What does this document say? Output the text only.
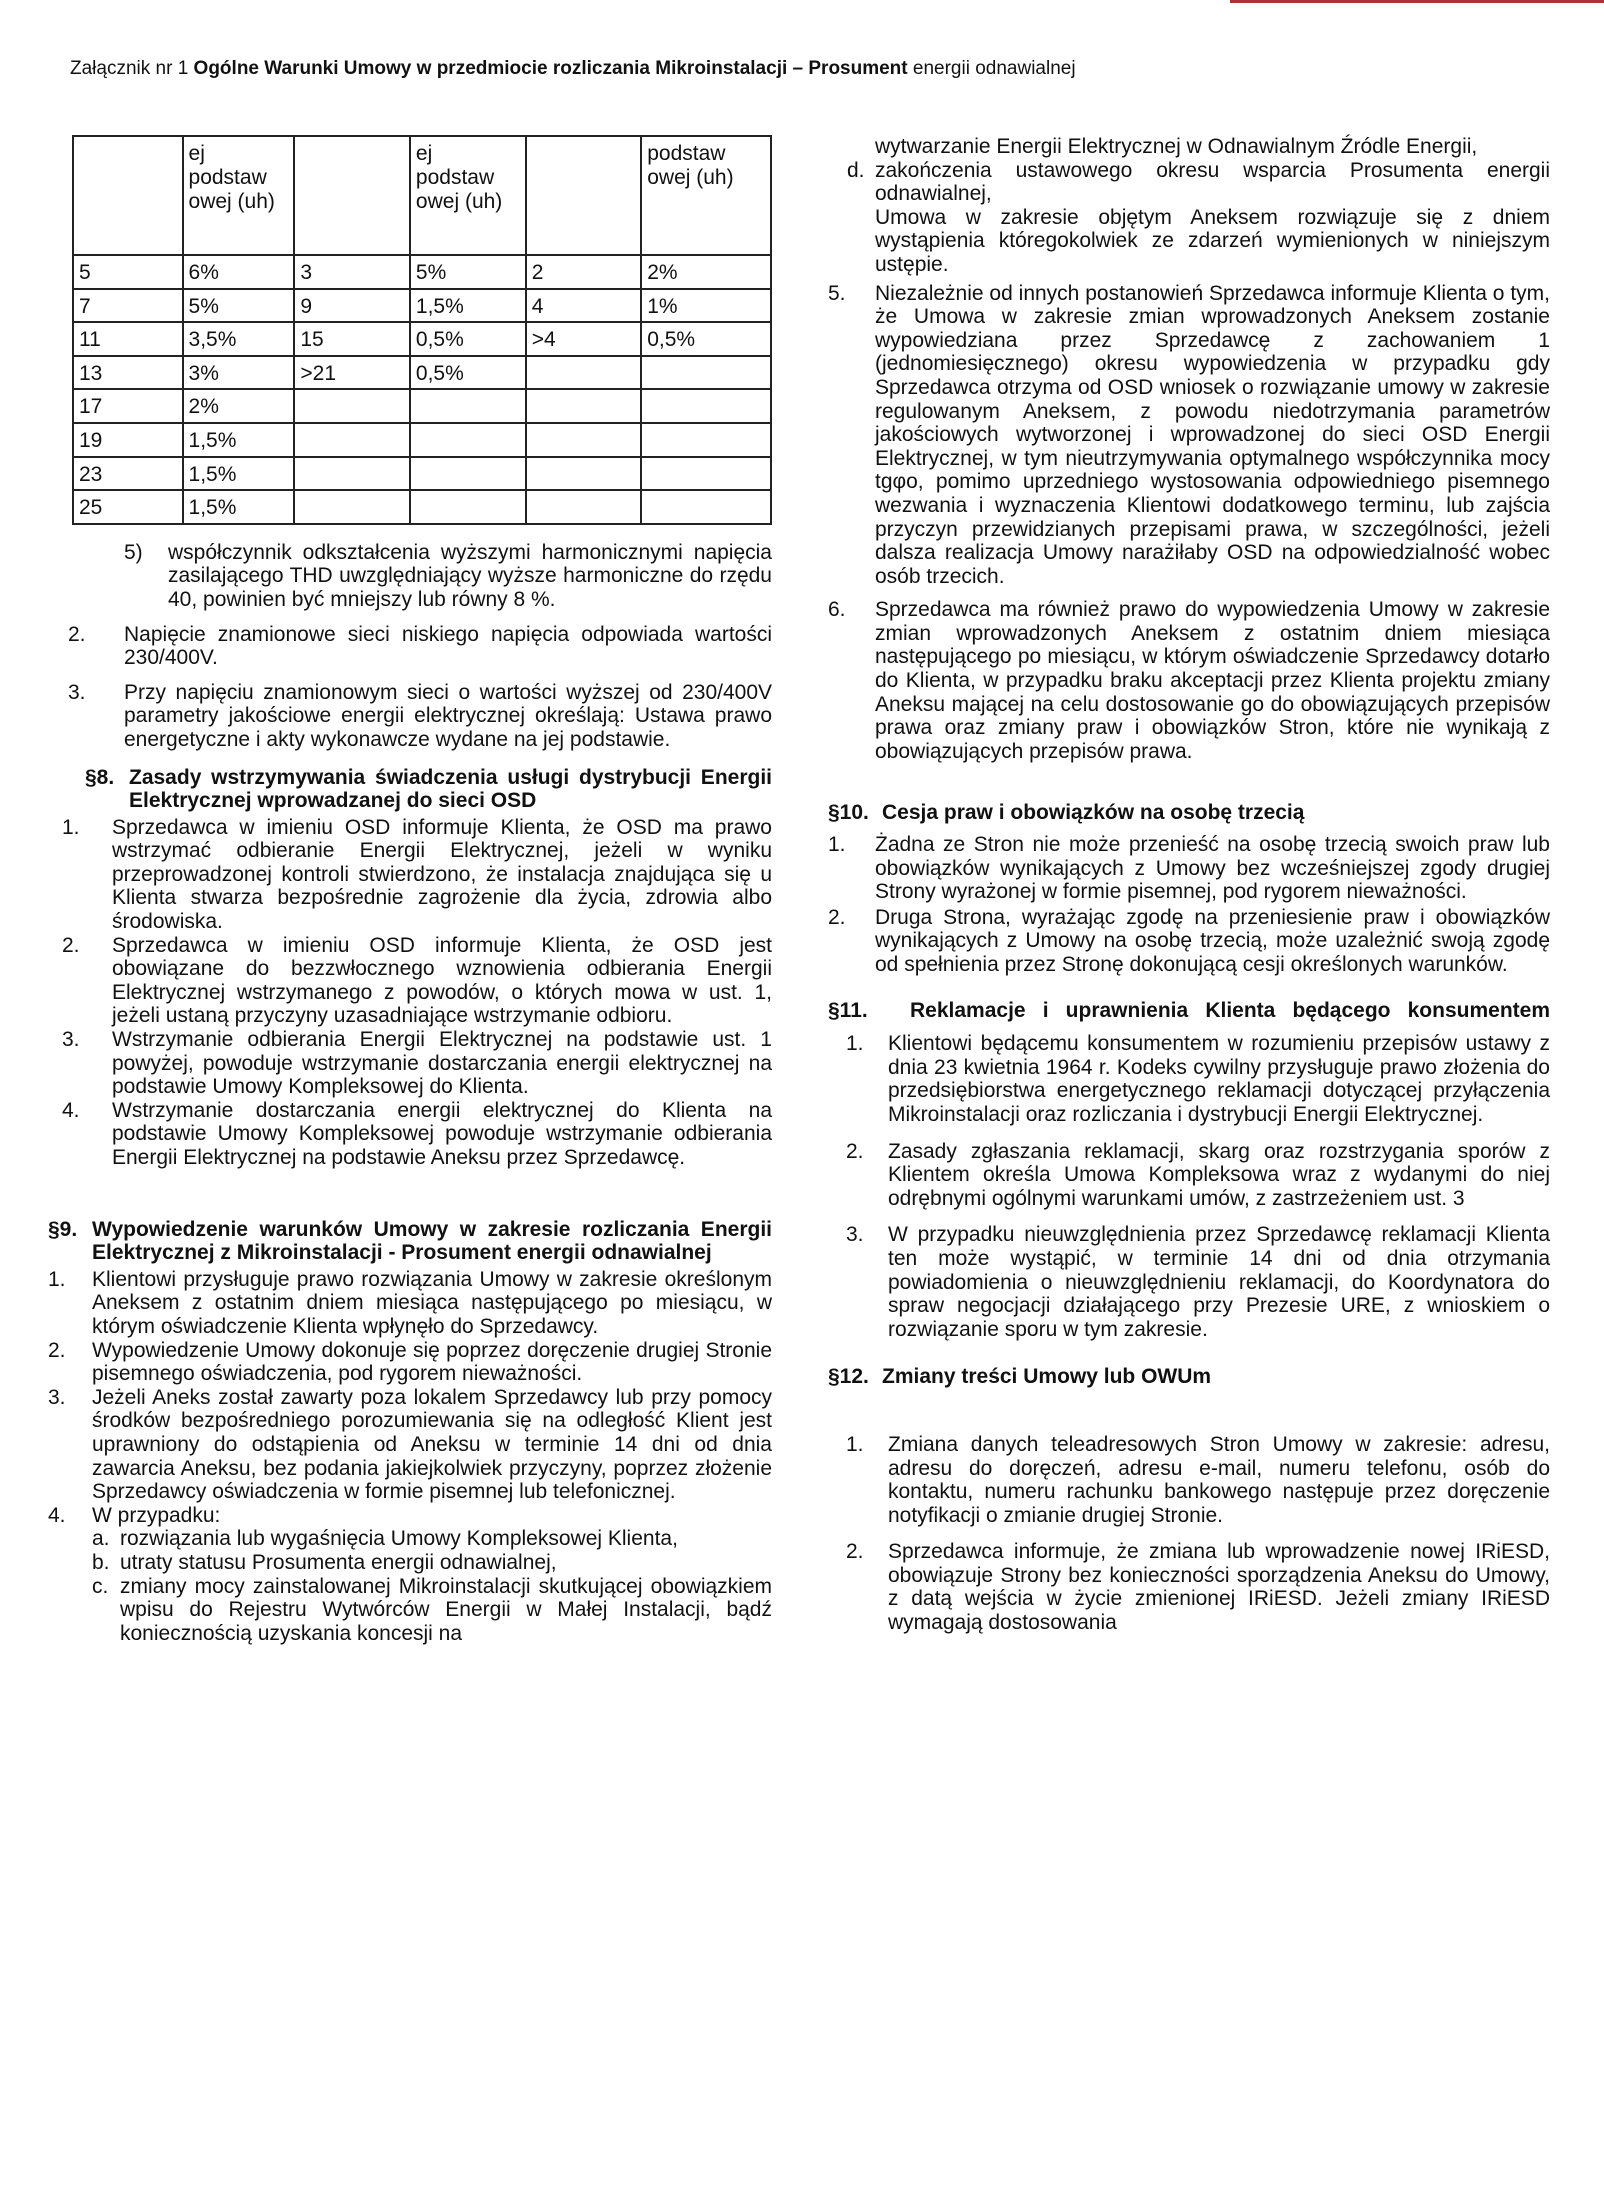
Załącznik nr 1 Ogólne Warunki Umowy w przedmiocie rozliczania Mikroinstalacji – Prosument energii odnawialnej
	ej
podstaw
owej (uh)		ej
podstaw
owej (uh)		podstaw
owej (uh)
5	6%	3	5%	2	2%
7	5%	9	1,5%	4	1%
11	3,5%	15	0,5%	>4	0,5%
13	3%	>21	0,5%		
17	2%				
19	1,5%				
23	1,5%				
25	1,5%				
5)	współczynnik odkształcenia wyższymi harmonicznymi napięcia zasilającego THD uwzględniający wyższe harmoniczne do rzędu 40, powinien być mniejszy lub równy 8 %.
2.	Napięcie znamionowe sieci niskiego napięcia odpowiada wartości 230/400V.
3.	Przy napięciu znamionowym sieci o wartości wyższej od 230/400V parametry jakościowe energii elektrycznej określają: Ustawa prawo energetyczne i akty wykonawcze wydane na jej podstawie.
§8. Zasady wstrzymywania świadczenia usługi dystrybucji Energii Elektrycznej wprowadzanej do sieci OSD
1.	Sprzedawca w imieniu OSD informuje Klienta, że OSD ma prawo wstrzymać odbieranie Energii Elektrycznej, jeżeli w wyniku przeprowadzonej kontroli stwierdzono, że instalacja znajdująca się u Klienta stwarza bezpośrednie zagrożenie dla życia, zdrowia albo środowiska.
2.	Sprzedawca w imieniu OSD informuje Klienta, że OSD jest obowiązane do bezzwłocznego wznowienia odbierania Energii Elektrycznej wstrzymanego z powodów, o których mowa w ust. 1, jeżeli ustaną przyczyny uzasadniające wstrzymanie odbioru.
3.	Wstrzymanie odbierania Energii Elektrycznej na podstawie ust. 1 powyżej, powoduje wstrzymanie dostarczania energii elektrycznej na podstawie Umowy Kompleksowej do Klienta.
4.	Wstrzymanie dostarczania energii elektrycznej do Klienta na podstawie Umowy Kompleksowej powoduje wstrzymanie odbierania Energii Elektrycznej na podstawie Aneksu przez Sprzedawcę.
§9. Wypowiedzenie warunków Umowy w zakresie rozliczania Energii Elektrycznej z Mikroinstalacji - Prosument energii odnawialnej
1.	Klientowi przysługuje prawo rozwiązania Umowy w zakresie określonym Aneksem z ostatnim dniem miesiąca następującego po miesiącu, w którym oświadczenie Klienta wpłynęło do Sprzedawcy.
2.	Wypowiedzenie Umowy dokonuje się poprzez doręczenie drugiej Stronie pisemnego oświadczenia, pod rygorem nieważności.
3.	Jeżeli Aneks został zawarty poza lokalem Sprzedawcy lub przy pomocy środków bezpośredniego porozumiewania się na odległość Klient jest uprawniony do odstąpienia od Aneksu w terminie 14 dni od dnia zawarcia Aneksu, bez podania jakiejkolwiek przyczyny, poprzez złożenie Sprzedawcy oświadczenia w formie pisemnej lub telefonicznej.
4.	W przypadku:
a. rozwiązania lub wygaśnięcia Umowy Kompleksowej Klienta,
b. utraty statusu Prosumenta energii odnawialnej,
c. zmiany mocy zainstalowanej Mikroinstalacji skutkującej obowiązkiem wpisu do Rejestru Wytwórców Energii w Małej Instalacji, bądź koniecznością uzyskania koncesji na
wytwarzanie Energii Elektrycznej w Odnawialnym Źródle Energii,
d. zakończenia ustawowego okresu wsparcia Prosumenta energii odnawialnej,
Umowa w zakresie objętym Aneksem rozwiązuje się z dniem wystąpienia któregokolwiek ze zdarzeń wymienionych w niniejszym ustępie.
5.	Niezależnie od innych postanowień Sprzedawca informuje Klienta o tym, że Umowa w zakresie zmian wprowadzonych Aneksem zostanie wypowiedziana przez Sprzedawcę z zachowaniem 1 (jednomiesięcznego) okresu wypowiedzenia w przypadku gdy Sprzedawca otrzyma od OSD wniosek o rozwiązanie umowy w zakresie regulowanym Aneksem, z powodu niedotrzymania parametrów jakościowych wytworzonej i wprowadzonej do sieci OSD Energii Elektrycznej, w tym nieutrzymywania optymalnego współczynnika mocy tgφo, pomimo uprzedniego wystosowania odpowiedniego pisemnego wezwania i wyznaczenia Klientowi dodatkowego terminu, lub zajścia przyczyn przewidzianych przepisami prawa, w szczególności, jeżeli dalsza realizacja Umowy narażiłaby OSD na odpowiedzialność wobec osób trzecich.
6.	Sprzedawca ma również prawo do wypowiedzenia Umowy w zakresie zmian wprowadzonych Aneksem z ostatnim dniem miesiąca następującego po miesiącu, w którym oświadczenie Sprzedawcy dotarło do Klienta, w przypadku braku akceptacji przez Klienta projektu zmiany Aneksu mającej na celu dostosowanie go do obowiązujących przepisów prawa oraz zmiany praw i obowiązków Stron, które nie wynikają z obowiązujących przepisów prawa.
§10. Cesja praw i obowiązków na osobę trzecią
1.	Żadna ze Stron nie może przenieść na osobę trzecią swoich praw lub obowiązków wynikających z Umowy bez wcześniejszej zgody drugiej Strony wyrażonej w formie pisemnej, pod rygorem nieważności.
2.	Druga Strona, wyrażając zgodę na przeniesienie praw i obowiązków wynikających z Umowy na osobę trzecią, może uzależnić swoją zgodę od spełnienia przez Stronę dokonującą cesji określonych warunków.
§11.	Reklamacje i uprawnienia Klienta będącego konsumentem
1.	Klientowi będącemu konsumentem w rozumieniu przepisów ustawy z dnia 23 kwietnia 1964 r. Kodeks cywilny przysługuje prawo złożenia do przedsiębiorstwa energetycznego reklamacji dotyczącej przyłączenia Mikroinstalacji oraz rozliczania i dystrybucji Energii Elektrycznej.
2.	Zasady zgłaszania reklamacji, skarg oraz rozstrzygania sporów z Klientem określa Umowa Kompleksowa wraz z wydanymi do niej odrębnymi ogólnymi warunkami umów, z zastrzeżeniem ust. 3
3.	W przypadku nieuwzględnienia przez Sprzedawcę reklamacji Klienta ten może wystąpić, w terminie 14 dni od dnia otrzymania powiadomienia o nieuwzględnieniu reklamacji, do Koordynatora do spraw negocjacji działającego przy Prezesie URE, z wnioskiem o rozwiązanie sporu w tym zakresie.
§12. Zmiany treści Umowy lub OWUm
1.	Zmiana danych teleadresowych Stron Umowy w zakresie: adresu, adresu do doręczeń, adresu e-mail, numeru telefonu, osób do kontaktu, numeru rachunku bankowego następuje przez doręczenie notyfikacji o zmianie drugiej Stronie.
2.	Sprzedawca informuje, że zmiana lub wprowadzenie nowej IRiESD, obowiązuje Strony bez konieczności sporządzenia Aneksu do Umowy, z datą wejścia w życie zmienionej IRiESD. Jeżeli zmiany IRiESD wymagają dostosowania
